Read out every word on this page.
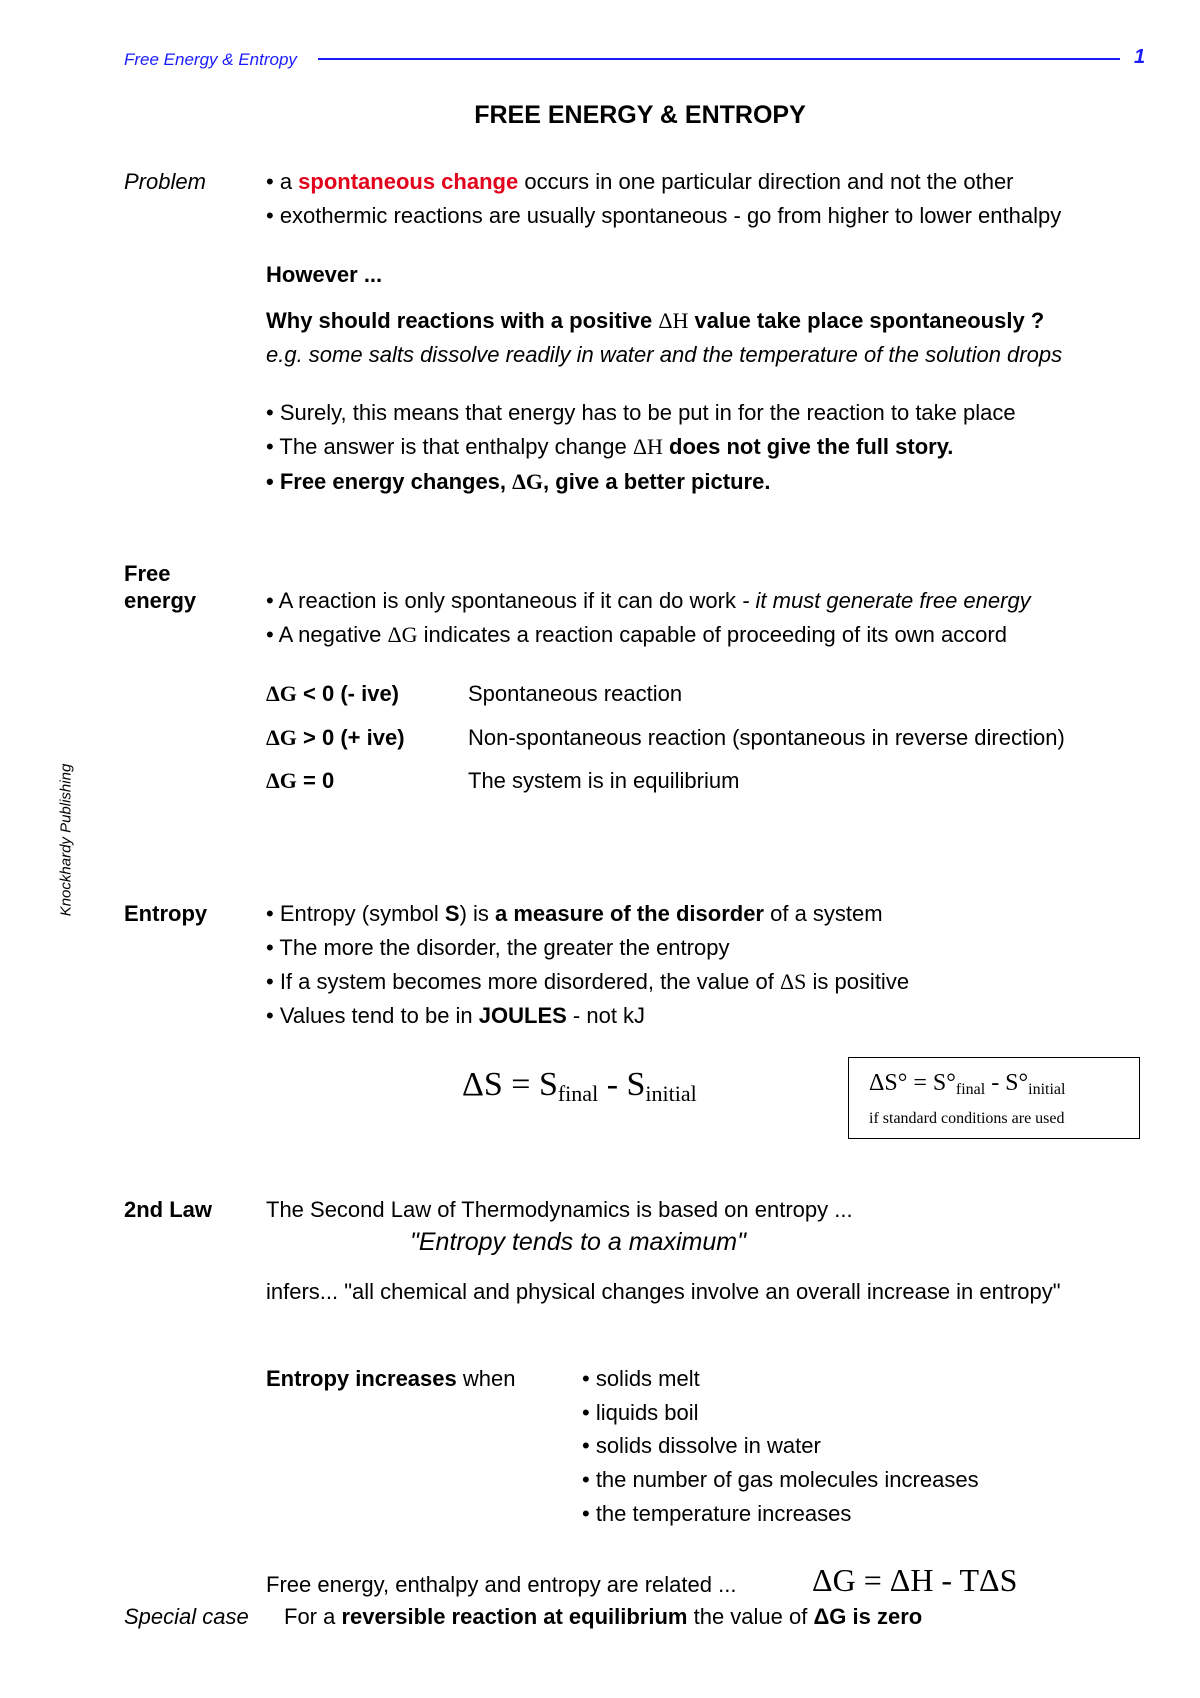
Free Energy & Entropy	1
Knockhardy Publishing
FREE ENERGY & ENTROPY
Problem	• a spontaneous change occurs in one particular direction and not the other
• exothermic reactions are usually spontaneous - go from higher to lower enthalpy
However ...
Why should reactions with a positive ΔH value take place spontaneously ?
e.g. some salts dissolve readily in water and the temperature of the solution drops
• Surely, this means that energy has to be put in for the reaction to take place
• The answer is that enthalpy change ΔH does not give the full story.
• Free energy changes, ΔG, give a better picture.
Free
energy	• A reaction is only spontaneous if it can do work - it must generate free energy
• A negative ΔG indicates a reaction capable of proceeding of its own accord
ΔG < 0 (- ive)	Spontaneous reaction
ΔG > 0 (+ ive)	Non-spontaneous reaction (spontaneous in reverse direction)
ΔG = 0	The system is in equilibrium
Entropy	• Entropy (symbol S) is a measure of the disorder of a system
• The more the disorder, the greater the entropy
• If a system becomes more disordered, the value of ΔS is positive
• Values tend to be in JOULES - not kJ
$\Delta S = S_{final} - S_{initial}$	$\Delta S^\circ = S^\circ_{final} - S^\circ_{initial}$
if standard conditions are used
2nd Law The Second Law of Thermodynamics is based on entropy ...
"Entropy tends to a maximum"
infers... "all chemical and physical changes involve an overall increase in entropy"
Entropy increases when	• solids melt
• liquids boil
• solids dissolve in water
• the number of gas molecules increases
• the temperature increases
Free energy, enthalpy and entropy are related ... ΔG = ΔH - TΔS
Special case For a reversible reaction at equilibrium the value of ΔG is zero
